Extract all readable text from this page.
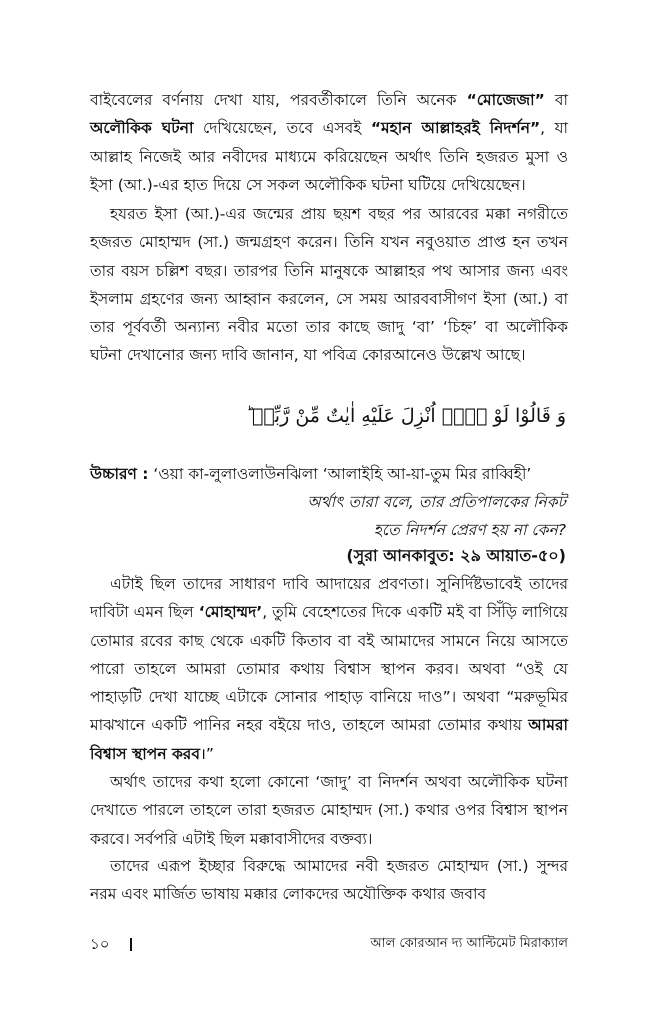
বাইবেলের বর্ণনায় দেখা যায়, পরবর্তীকালে তিনি অনেক “মোজেজা” বা অলৌকিক ঘটনা দেখিয়েছেন, তবে এসবই “মহান আল্লাহরই নিদর্শন”, যা আল্লাহ নিজেই আর নবীদের মাধ্যমে করিয়েছেন অর্থাৎ তিনি হজরত মুসা ও ইসা (আ.)-এর হাত দিয়ে সে সকল অলৌকিক ঘটনা ঘটিয়ে দেখিয়েছেন।

হযরত ইসা (আ.)-এর জন্মের প্রায় ছয়শ বছর পর আরবের মক্কা নগরীতে হজরত মোহাম্মদ (সা.) জন্মগ্রহণ করেন। তিনি যখন নবুওয়াত প্রাপ্ত হন তখন তার বয়স চল্লিশ বছর। তারপর তিনি মানুষকে আল্লাহর পথ আসার জন্য এবং ইসলাম গ্রহণের জন্য আহ্বান করলেন, সে সময় আরববাসীগণ ইসা (আ.) বা তার পূর্ববর্তী অন্যান্য নবীর মতো তার কাছে জাদু ‘বা’ ‘চিহ্ন’ বা অলৌকিক ঘটনা দেখানোর জন্য দাবি জানান, যা পবিত্র কোরআনেও উল্লেখ আছে।

وَ قَالُوْا لَوْ لَاۤ اُنْزِلَ عَلَیْهِ اٰیٰتٌ مِّنْ رَّبِّهٖ ؕ
উচ্চারণ : ‘ওয়া কা-লুলাওলাউনঝিলা ‘আলাইহি আ-য়া-তুম মির রাব্বিহী’
অর্থাৎ তারা বলে, তার প্রতিপালকের নিকট
হতে নিদর্শন প্রেরণ হয় না কেন?
(সুরা আনকাবুত: ২৯ আয়াত-৫০)

এটাই ছিল তাদের সাধারণ দাবি আদায়ের প্রবণতা। সুনির্দিষ্টভাবেই তাদের দাবিটা এমন ছিল ‘মোহাম্মদ’, তুমি বেহেশতের দিকে একটি মই বা সিঁড়ি লাগিয়ে তোমার রবের কাছ থেকে একটি কিতাব বা বই আমাদের সামনে নিয়ে আসতে পারো তাহলে আমরা তোমার কথায় বিশ্বাস স্থাপন করব। অথবা “ওই যে পাহাড়টি দেখা যাচ্ছে এটাকে সোনার পাহাড় বানিয়ে দাও”। অথবা “মরুভূমির মাঝখানে একটি পানির নহর বইয়ে দাও, তাহলে আমরা তোমার কথায় আমরা বিশ্বাস স্থাপন করব।”

অর্থাৎ তাদের কথা হলো কোনো ‘জাদু’ বা নিদর্শন অথবা অলৌকিক ঘটনা দেখাতে পারলে তাহলে তারা হজরত মোহাম্মদ (সা.) কথার ওপর বিশ্বাস স্থাপন করবে। সর্বপরি এটাই ছিল মক্কাবাসীদের বক্তব্য।

তাদের এরূপ ইচ্ছার বিরুদ্ধে আমাদের নবী হজরত মোহাম্মদ (সা.) সুন্দর নরম এবং মার্জিত ভাষায় মক্কার লোকদের অযৌক্তিক কথার জবাব

১০	আল কোরআন দ্য আল্টিমেট মিরাক্যাল
